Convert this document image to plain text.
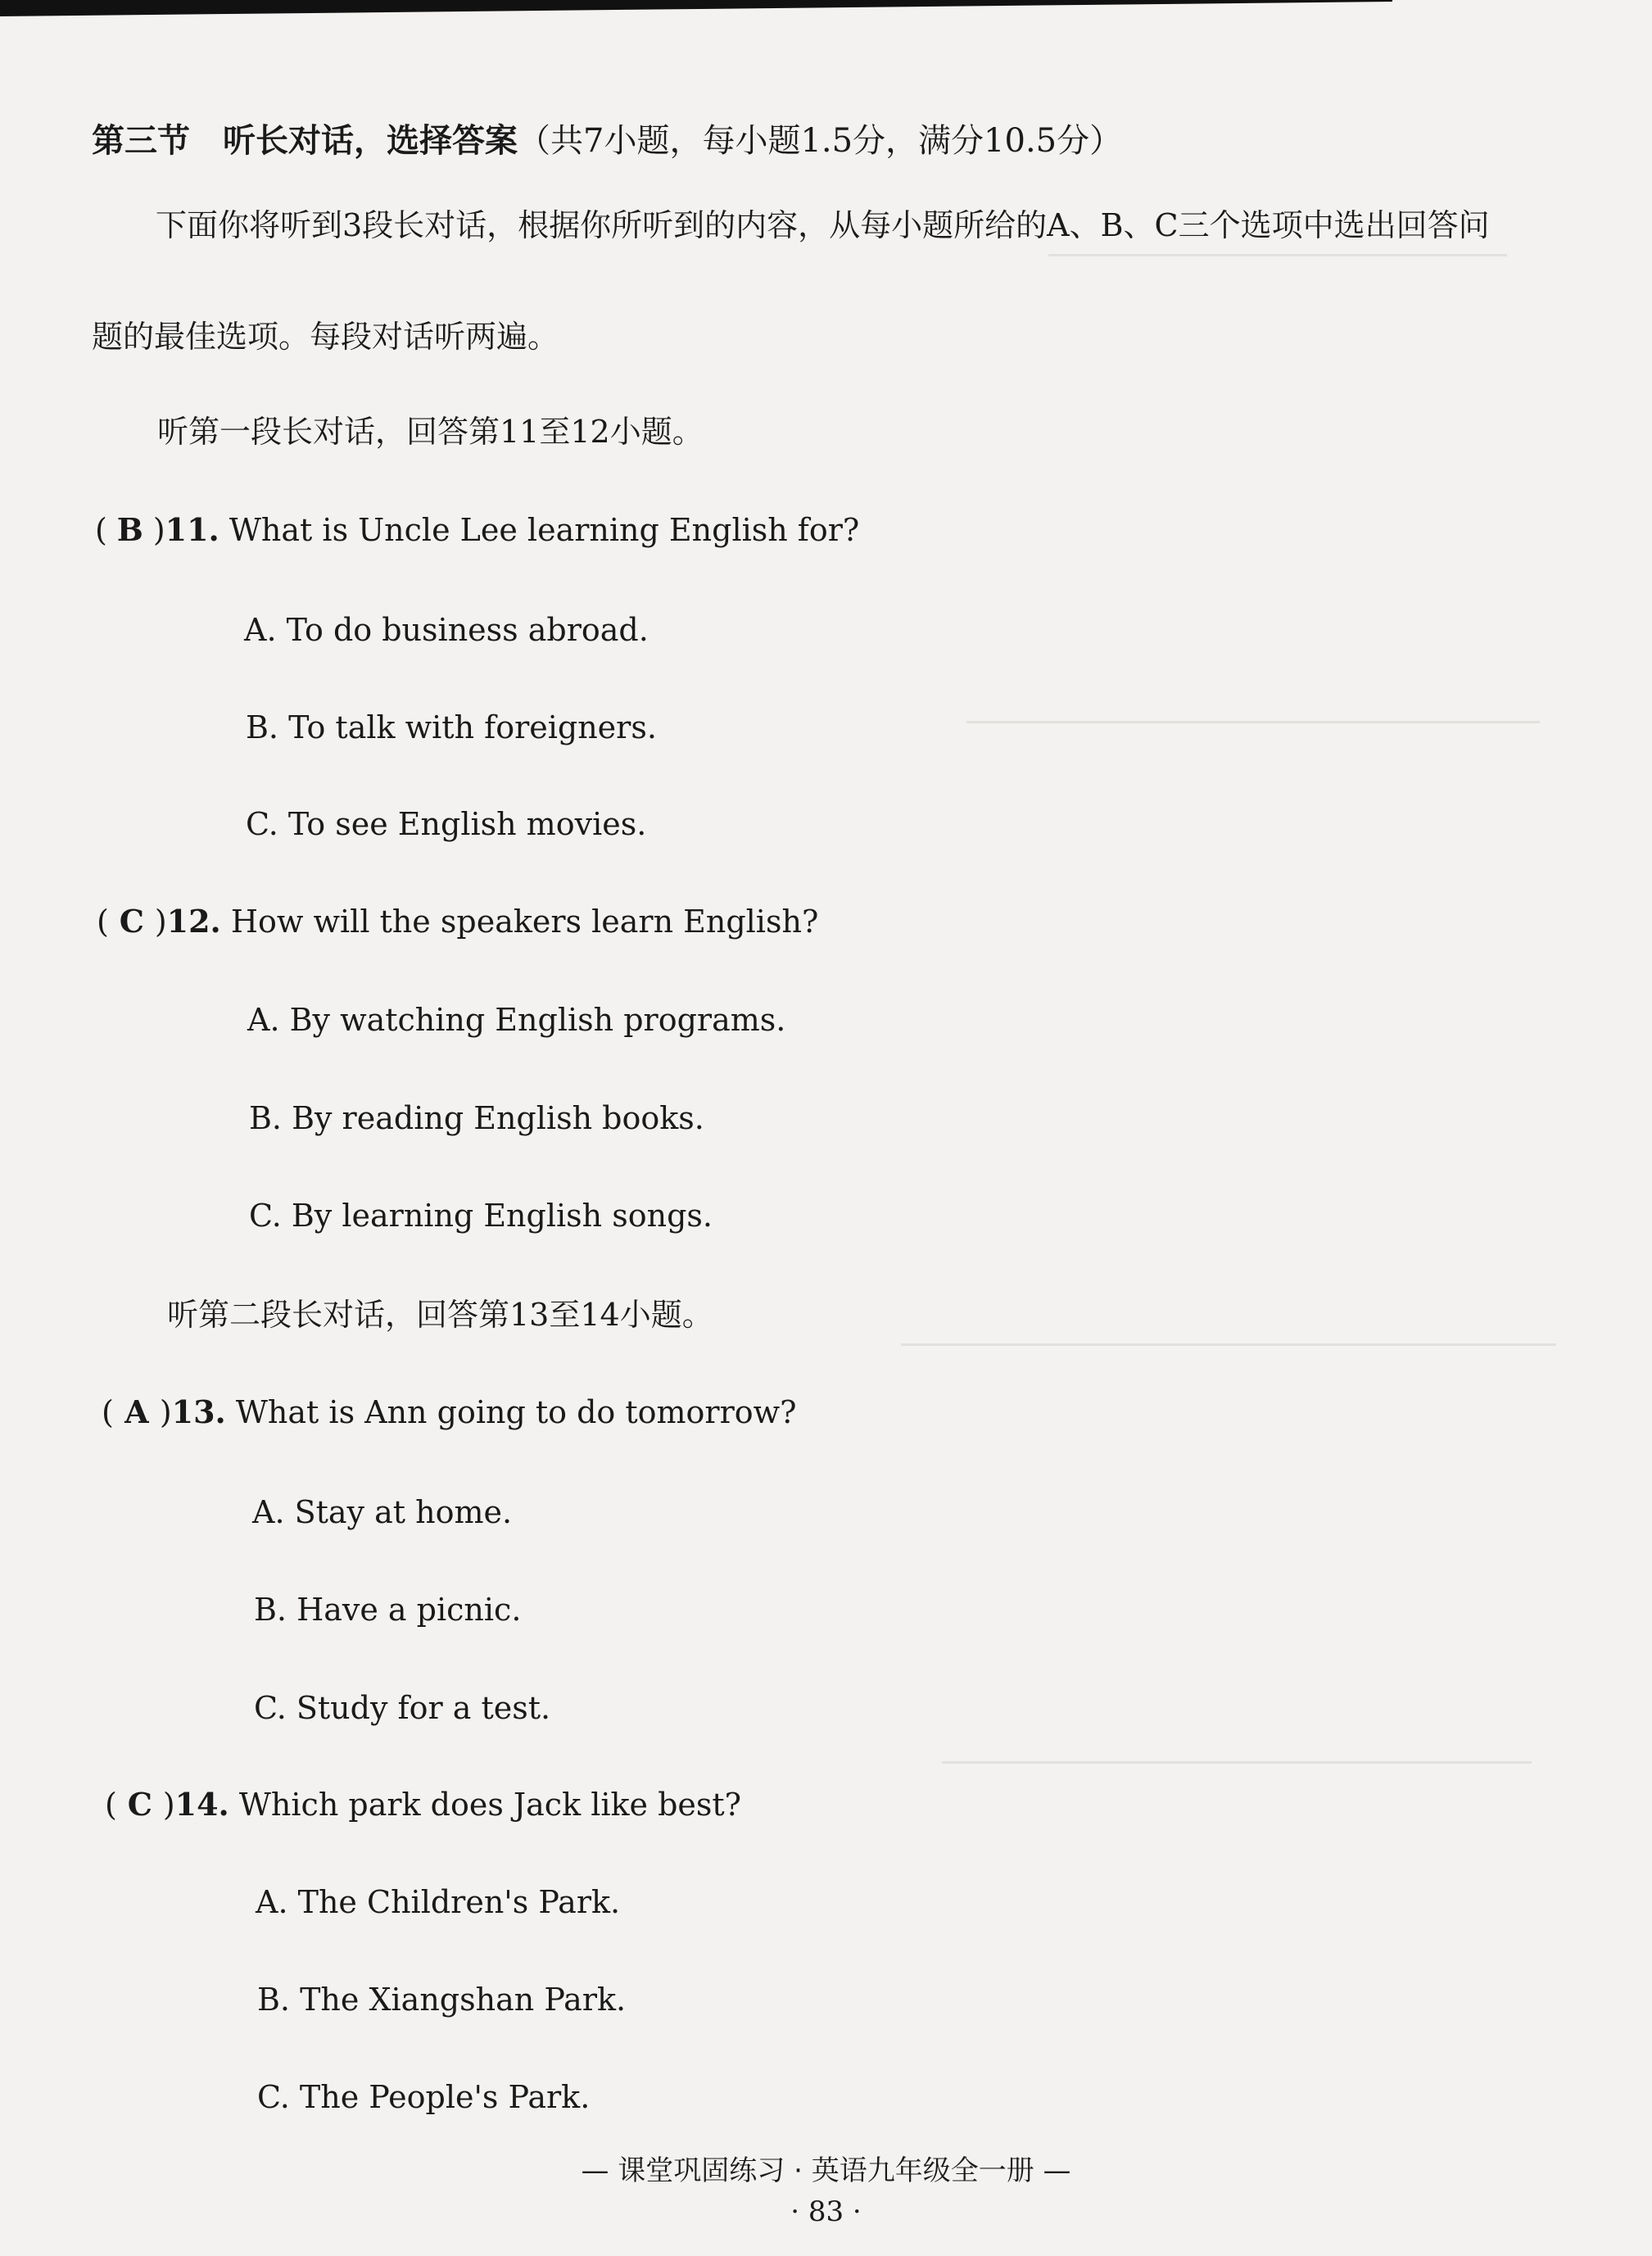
第三节 听长对话，选择答案（共7小题，每小题1.5分，满分10.5分）
下面你将听到3段长对话，根据你所听到的内容，从每小题所给的A、B、C三个选项中选出回答问
题的最佳选项。每段对话听两遍。
听第一段长对话，回答第11至12小题。
( B )11. What is Uncle Lee learning English for?
A. To do business abroad.
B. To talk with foreigners.
C. To see English movies.
( C )12. How will the speakers learn English?
A. By watching English programs.
B. By reading English books.
C. By learning English songs.
听第二段长对话，回答第13至14小题。
( A )13. What is Ann going to do tomorrow?
A. Stay at home.
B. Have a picnic.
C. Study for a test.
( C )14. Which park does Jack like best?
A. The Children's Park.
B. The Xiangshan Park.
C. The People's Park.
— 课堂巩固练习 · 英语九年级全一册 —
· 83 ·
